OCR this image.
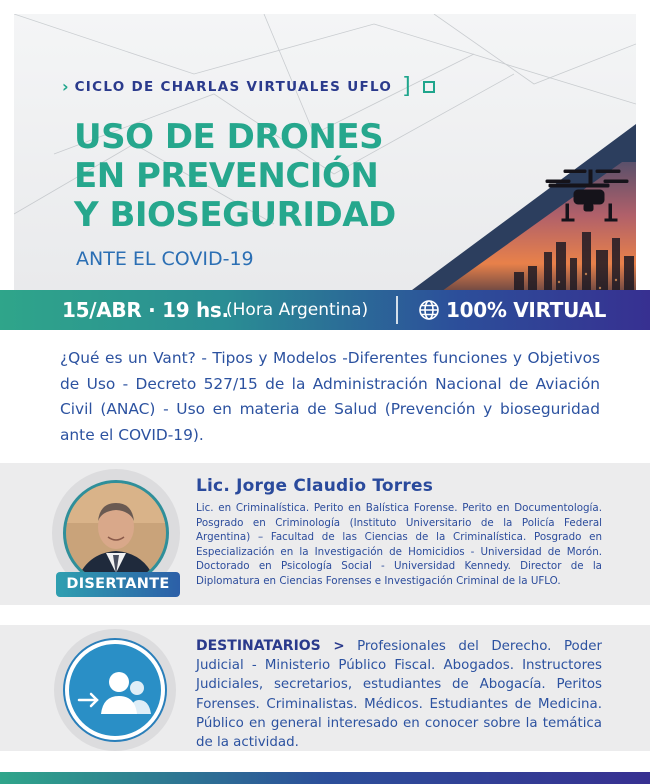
› CICLO DE CHARLAS VIRTUALES UFLO ]
USO DE DRONES
EN PREVENCIÓN
Y BIOSEGURIDAD
ANTE EL COVID-19
15/ABR · 19 hs.
(Hora Argentina)	100% VIRTUAL
¿Qué es un Vant? - Tipos y Modelos -Diferentes funciones y Objetivos de Uso - Decreto 527/15 de la Administración Nacional de Aviación Civil (ANAC) - Uso en materia de Salud (Prevención y bioseguridad ante el COVID-19).
DISERTANTE
Lic. Jorge Claudio Torres
Lic. en Criminalística. Perito en Balística Forense. Perito en Documentología. Posgrado en Criminología (Instituto Universitario de la Policía Federal Argentina) – Facultad de las Ciencias de la Criminalística. Posgrado en Especialización en la Investigación de Homicidios - Universidad de Morón. Doctorado en Psicología Social - Universidad Kennedy. Director de la Diplomatura en Ciencias Forenses e Investigación Criminal de la UFLO.
DESTINATARIOS > Profesionales del Derecho. Poder Judicial - Ministerio Público Fiscal. Abogados. Instructores Judiciales, secretarios, estudiantes de Abogacía. Peritos Forenses. Criminalistas. Médicos. Estudiantes de Medicina. Público en general interesado en conocer sobre la temática de la actividad.
